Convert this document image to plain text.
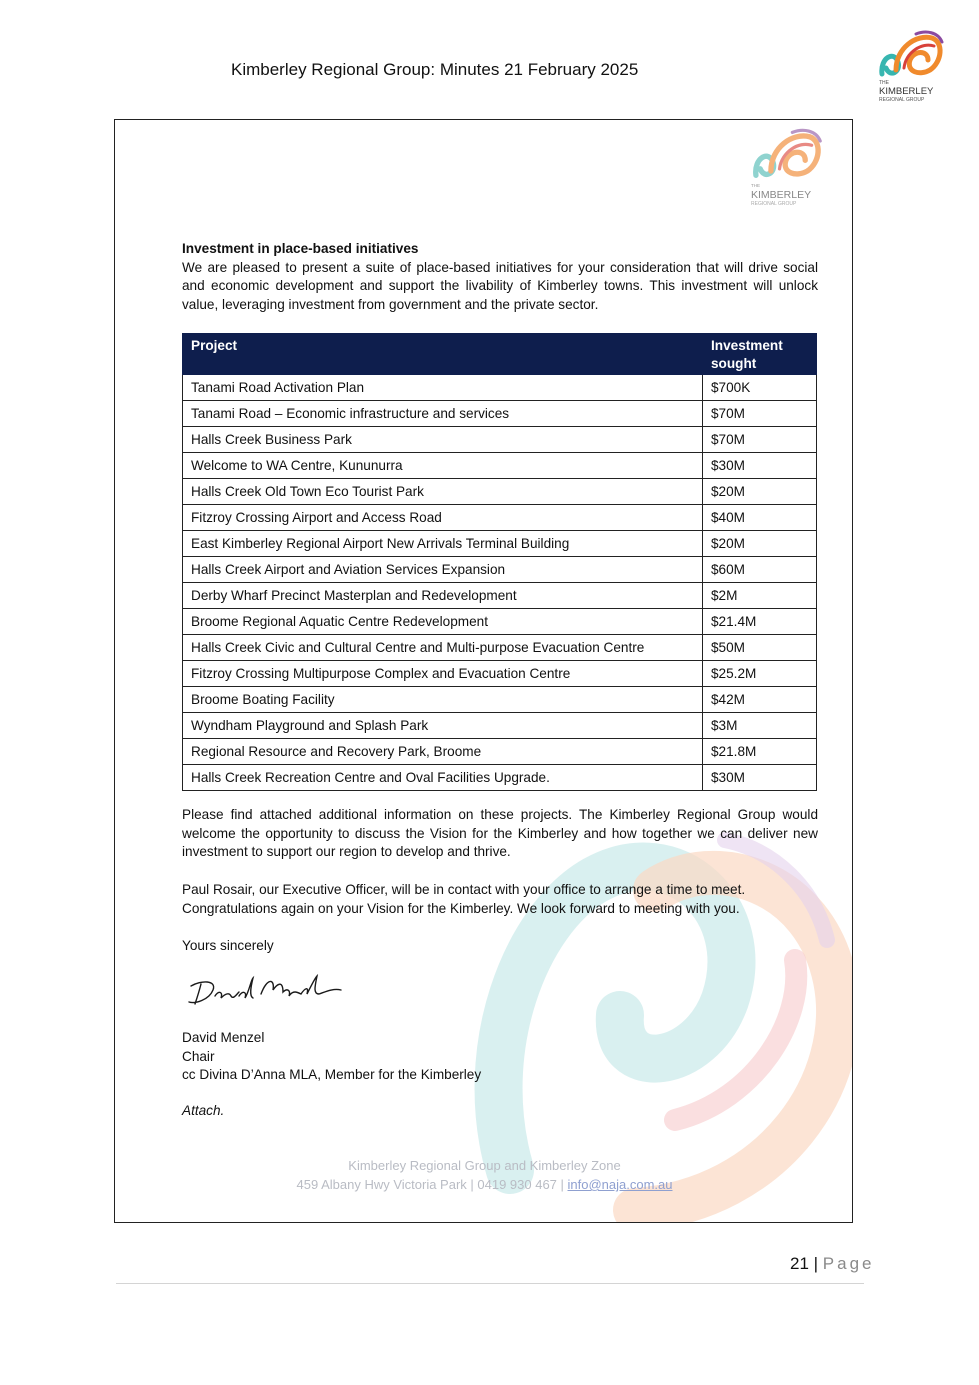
Kimberley Regional Group: Minutes 21 February 2025
THE
KIMBERLEY
REGIONAL GROUP
THE
KIMBERLEY
REGIONAL GROUP
Investment in place-based initiatives
We are pleased to present a suite of place-based initiatives for your consideration that will drive social and economic development and support the livability of Kimberley towns. This investment will unlock value, leveraging investment from government and the private sector.
Project	Investment
sought
Tanami Road Activation Plan	$700K
Tanami Road – Economic infrastructure and services	$70M
Halls Creek Business Park	$70M
Welcome to WA Centre, Kununurra	$30M
Halls Creek Old Town Eco Tourist Park	$20M
Fitzroy Crossing Airport and Access Road	$40M
East Kimberley Regional Airport New Arrivals Terminal Building	$20M
Halls Creek Airport and Aviation Services Expansion	$60M
Derby Wharf Precinct Masterplan and Redevelopment	$2M
Broome Regional Aquatic Centre Redevelopment	$21.4M
Halls Creek Civic and Cultural Centre and Multi-purpose Evacuation Centre	$50M
Fitzroy Crossing Multipurpose Complex and Evacuation Centre	$25.2M
Broome Boating Facility	$42M
Wyndham Playground and Splash Park	$3M
Regional Resource and Recovery Park, Broome	$21.8M
Halls Creek Recreation Centre and Oval Facilities Upgrade.	$30M
Please find attached additional information on these projects. The Kimberley Regional Group would welcome the opportunity to discuss the Vision for the Kimberley and how together we can deliver new investment to support our region to develop and thrive.
Paul Rosair, our Executive Officer, will be in contact with your office to arrange a time to meet.
Congratulations again on your Vision for the Kimberley. We look forward to meeting with you.
Yours sincerely
David Menzel
Chair
cc Divina D’Anna MLA, Member for the Kimberley
Attach.
Kimberley Regional Group and Kimberley Zone
459 Albany Hwy Victoria Park | 0419 930 467 | info@naja.com.au
21 | Page
